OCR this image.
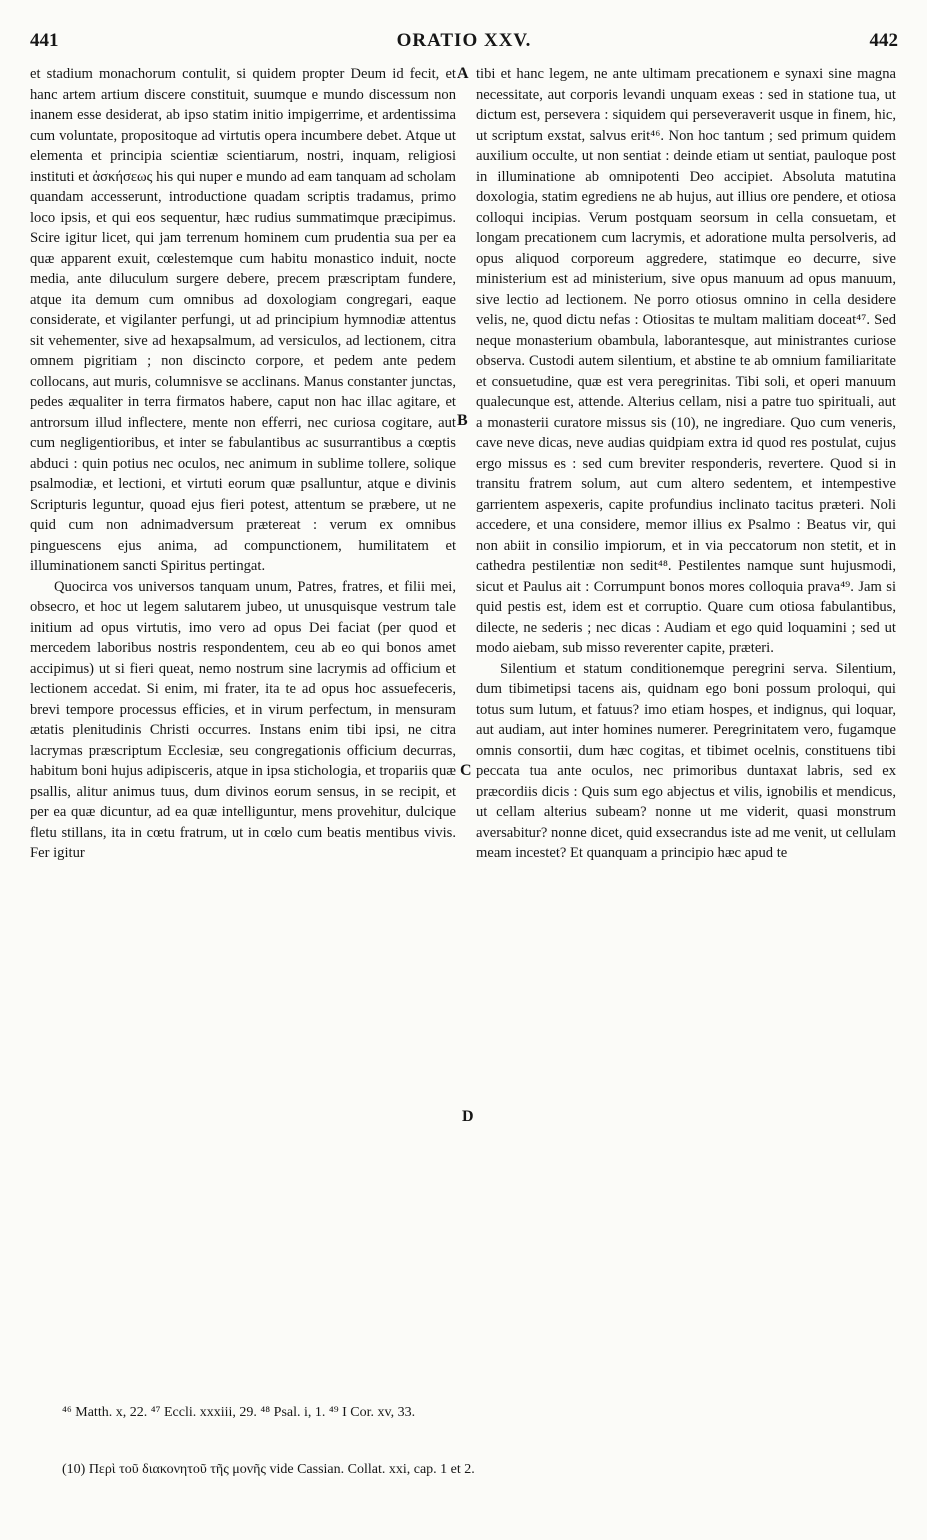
441	ORATIO XXV.	442

et stadium monachorum contulit, si quidem propter Deum id fecit, et hanc artem artium discere constituit, suumque e mundo discessum non inanem esse desiderat, ab ipso statim initio impigerrime, et ardentissima cum voluntate, propositoque ad virtutis opera incumbere debet. Atque ut elementa et principia scientiæ scientiarum, nostri, inquam, religiosi instituti et ἀσκήσεως his qui nuper e mundo ad eam tanquam ad scholam quandam accesserunt, introductione quadam scriptis tradamus, primo loco ipsis, et qui eos sequentur, hæc rudius summatimque præcipimus. Scire igitur licet, qui jam terrenum hominem cum prudentia sua per ea quæ apparent exuit, cœlestemque cum habitu monastico induit, nocte media, ante diluculum surgere debere, precem præscriptam fundere, atque ita demum cum omnibus ad doxologiam congregari, eaque considerate, et vigilanter perfungi, ut ad principium hymnodiæ attentus sit vehementer, sive ad hexapsalmum, ad versiculos, ad lectionem, citra omnem pigritiam ; non discincto corpore, et pedem ante pedem collocans, aut muris, columnisve se acclinans. Manus constanter junctas, pedes æqualiter in terra firmatos habere, caput non hac illac agitare, et antrorsum illud inflectere, mente non efferri, nec curiosa cogitare, aut cum negligentioribus, et inter se fabulantibus ac susurrantibus a cœptis abduci : quin potius nec oculos, nec animum in sublime tollere, solique psalmodiæ, et lectioni, et virtuti eorum quæ psalluntur, atque e divinis Scripturis leguntur, quoad ejus fieri potest, attentum se præbere, ut ne quid cum non adnimadversum prætereat : verum ex omnibus pinguescens ejus anima, ad compunctionem, humilitatem et illuminationem sancti Spiritus pertingat.

Quocirca vos universos tanquam unum, Patres, fratres, et filii mei, obsecro, et hoc ut legem salutarem jubeo, ut unusquisque vestrum tale initium ad opus virtutis, imo vero ad opus Dei faciat (per quod et mercedem laboribus nostris respondentem, ceu ab eo qui bonos amet accipimus) ut si fieri queat, nemo nostrum sine lacrymis ad officium et lectionem accedat. Si enim, mi frater, ita te ad opus hoc assuefeceris, brevi tempore processus efficies, et in virum perfectum, in mensuram ætatis plenitudinis Christi occurres. Instans enim tibi ipsi, ne citra lacrymas præscriptum Ecclesiæ, seu congregationis officium decurras, habitum boni hujus adipisceris, atque in ipsa stichologia, et tropariis quæ psallis, alitur animus tuus, dum divinos eorum sensus, in se recipit, et per ea quæ dicuntur, ad ea quæ intelliguntur, mens provehitur, dulcique fletu stillans, ita in cœtu fratrum, ut in cœlo cum beatis mentibus vivis. Fer igitur

tibi et hanc legem, ne ante ultimam precationem e synaxi sine magna necessitate, aut corporis levandi unquam exeas : sed in statione tua, ut dictum est, persevera : siquidem qui perseveraverit usque in finem, hic, ut scriptum exstat, salvus erit⁴⁶. Non hoc tantum ; sed primum quidem auxilium occulte, ut non sentiat : deinde etiam ut sentiat, pauloque post in illuminatione ab omnipotenti Deo accipiet. Absoluta matutina doxologia, statim egrediens ne ab hujus, aut illius ore pendere, et otiosa colloqui incipias. Verum postquam seorsum in cella consuetam, et longam precationem cum lacrymis, et adoratione multa persolveris, ad opus aliquod corporeum aggredere, statimque eo decurre, sive ministerium est ad ministerium, sive opus manuum ad opus manuum, sive lectio ad lectionem. Ne porro otiosus omnino in cella desidere velis, ne, quod dictu nefas : Otiositas te multam malitiam doceat⁴⁷. Sed neque monasterium obambula, laborantesque, aut ministrantes curiose observa. Custodi autem silentium, et abstine te ab omnium familiaritate et consuetudine, quæ est vera peregrinitas. Tibi soli, et operi manuum qualecunque est, attende. Alterius cellam, nisi a patre tuo spirituali, aut a monasterii curatore missus sis (10), ne ingrediare. Quo cum veneris, cave neve dicas, neve audias quidpiam extra id quod res postulat, cujus ergo missus es : sed cum breviter responderis, revertere. Quod si in transitu fratrem solum, aut cum altero sedentem, et intempestive garrientem aspexeris, capite profundius inclinato tacitus præteri. Noli accedere, et una considere, memor illius ex Psalmo : Beatus vir, qui non abiit in consilio impiorum, et in via peccatorum non stetit, et in cathedra pestilentiæ non sedit⁴⁸. Pestilentes namque sunt hujusmodi, sicut et Paulus ait : Corrumpunt bonos mores colloquia prava⁴⁹. Jam si quid pestis est, idem est et corruptio. Quare cum otiosa fabulantibus, dilecte, ne sederis ; nec dicas : Audiam et ego quid loquamini ; sed ut modo aiebam, sub misso reverenter capite, præteri.

Silentium et statum conditionemque peregrini serva. Silentium, dum tibimetipsi tacens ais, quidnam ego boni possum proloqui, qui totus sum lutum, et fatuus? imo etiam hospes, et indignus, qui loquar, aut audiam, aut inter homines numerer. Peregrinitatem vero, fugamque omnis consortii, dum hæc cogitas, et tibimet ocelnis, constituens tibi peccata tua ante oculos, nec primoribus duntaxat labris, sed ex præcordiis dicis : Quis sum ego abjectus et vilis, ignobilis et mendicus, ut cellam alterius subeam? nonne ut me viderit, quasi monstrum aversabitur? nonne dicet, quid exsecrandus iste ad me venit, ut cellulam meam incestet? Et quanquam a principio hæc apud te

A
B
C
D
⁴⁶ Matth. x, 22. ⁴⁷ Eccli. xxxiii, 29. ⁴⁸ Psal. i, 1. ⁴⁹ I Cor. xv, 33.
(10) Περὶ τοῦ διακονητοῦ τῆς μονῆς vide Cassian. Collat. xxi, cap. 1 et 2.
